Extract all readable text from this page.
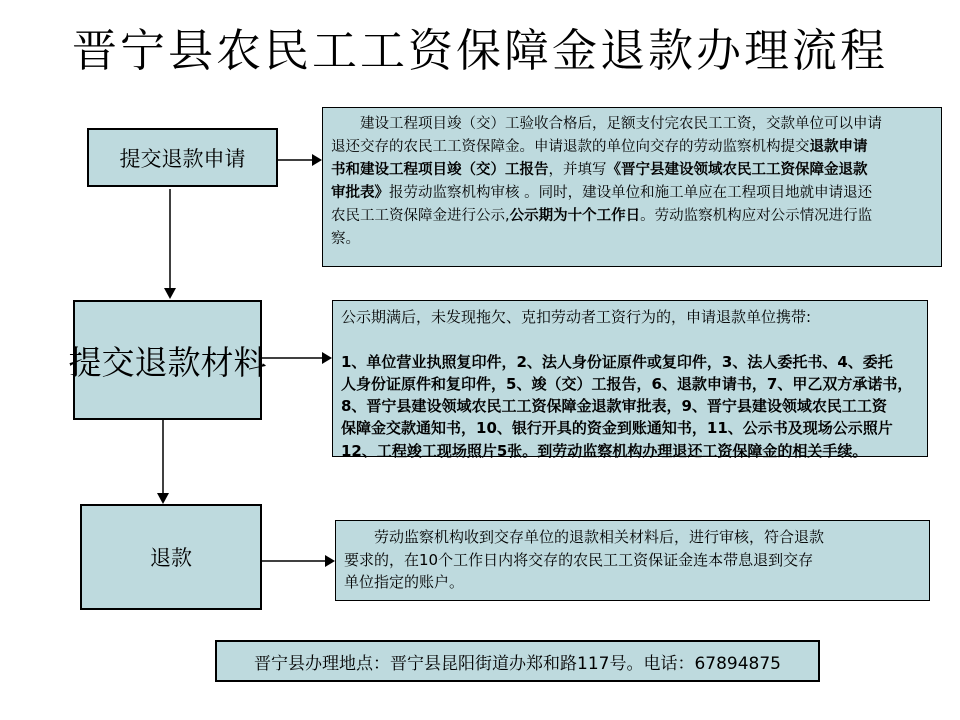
晋宁县农民工工资保障金退款办理流程
提交退款申请
提交退款材料
退款
　　建设工程项目竣（交）工验收合格后，足额支付完农民工工资，交款单位可以申请
退还交存的农民工工资保障金。申请退款的单位向交存的劳动监察机构提交退款申请
书和建设工程项目竣（交）工报告，并填写《晋宁县建设领域农民工工资保障金退款
审批表》报劳动监察机构审核 。同时，建设单位和施工单应在工程项目地就申请退还
农民工工资保障金进行公示,公示期为十个工作日。劳动监察机构应对公示情况进行监
察。
公示期满后，未发现拖欠、克扣劳动者工资行为的，申请退款单位携带:

1、单位营业执照复印件，2、法人身份证原件或复印件，3、法人委托书、4、委托
人身份证原件和复印件，5、竣（交）工报告，6、退款申请书，7、甲乙双方承诺书，
8、晋宁县建设领域农民工工资保障金退款审批表，9、晋宁县建设领域农民工工资
保障金交款通知书，10、银行开具的资金到账通知书，11、公示书及现场公示照片
12、工程竣工现场照片5张。到劳动监察机构办理退还工资保障金的相关手续。
　　劳动监察机构收到交存单位的退款相关材料后，进行审核，符合退款
要求的，在10个工作日内将交存的农民工工资保证金连本带息退到交存
单位指定的账户。
晋宁县办理地点：晋宁县昆阳街道办郑和路117号。电话：67894875
